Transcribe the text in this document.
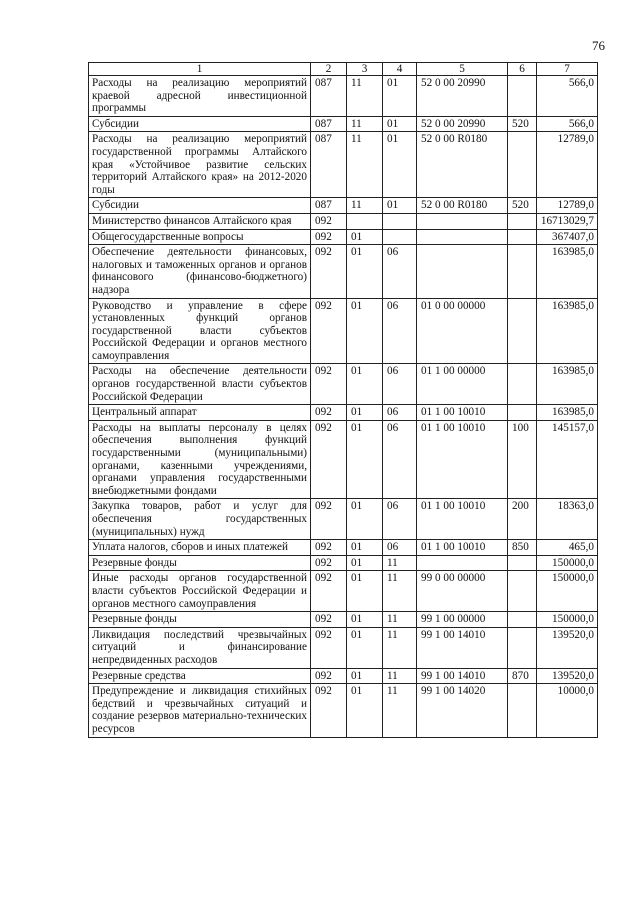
76
1	2	3	4	5	6	7
Расходы на реализацию мероприятий краевой адресной инвестиционной программы	087	11	01	52 0 00 20990		566,0
Субсидии	087	11	01	52 0 00 20990	520	566,0
Расходы на реализацию мероприятий государственной программы Алтайского края «Устойчивое развитие сельских территорий Алтайского края» на 2012-2020 годы	087	11	01	52 0 00 R0180		12789,0
Субсидии	087	11	01	52 0 00 R0180	520	12789,0
Министерство финансов Алтайского края	092					16713029,7
Общегосударственные вопросы	092	01				367407,0
Обеспечение деятельности финансовых, налоговых и таможенных органов и органов финансового (финансово-бюджетного) надзора	092	01	06			163985,0
Руководство и управление в сфере установленных функций органов государственной власти субъектов Российской Федерации и органов местного самоуправления	092	01	06	01 0 00 00000		163985,0
Расходы на обеспечение деятельности органов государственной власти субъектов Российской Федерации	092	01	06	01 1 00 00000		163985,0
Центральный аппарат	092	01	06	01 1 00 10010		163985,0
Расходы на выплаты персоналу в целях обеспечения выполнения функций государственными (муниципальными) органами, казенными учреждениями, органами управления государственными внебюджетными фондами	092	01	06	01 1 00 10010	100	145157,0
Закупка товаров, работ и услуг для обеспечения государственных (муниципальных) нужд	092	01	06	01 1 00 10010	200	18363,0
Уплата налогов, сборов и иных платежей	092	01	06	01 1 00 10010	850	465,0
Резервные фонды	092	01	11			150000,0
Иные расходы органов государственной власти субъектов Российской Федерации и органов местного самоуправления	092	01	11	99 0 00 00000		150000,0
Резервные фонды	092	01	11	99 1 00 00000		150000,0
Ликвидация последствий чрезвычайных ситуаций и финансирование непредвиденных расходов	092	01	11	99 1 00 14010		139520,0
Резервные средства	092	01	11	99 1 00 14010	870	139520,0
Предупреждение и ликвидация стихийных бедствий и чрезвычайных ситуаций и создание резервов материально-технических ресурсов	092	01	11	99 1 00 14020		10000,0
